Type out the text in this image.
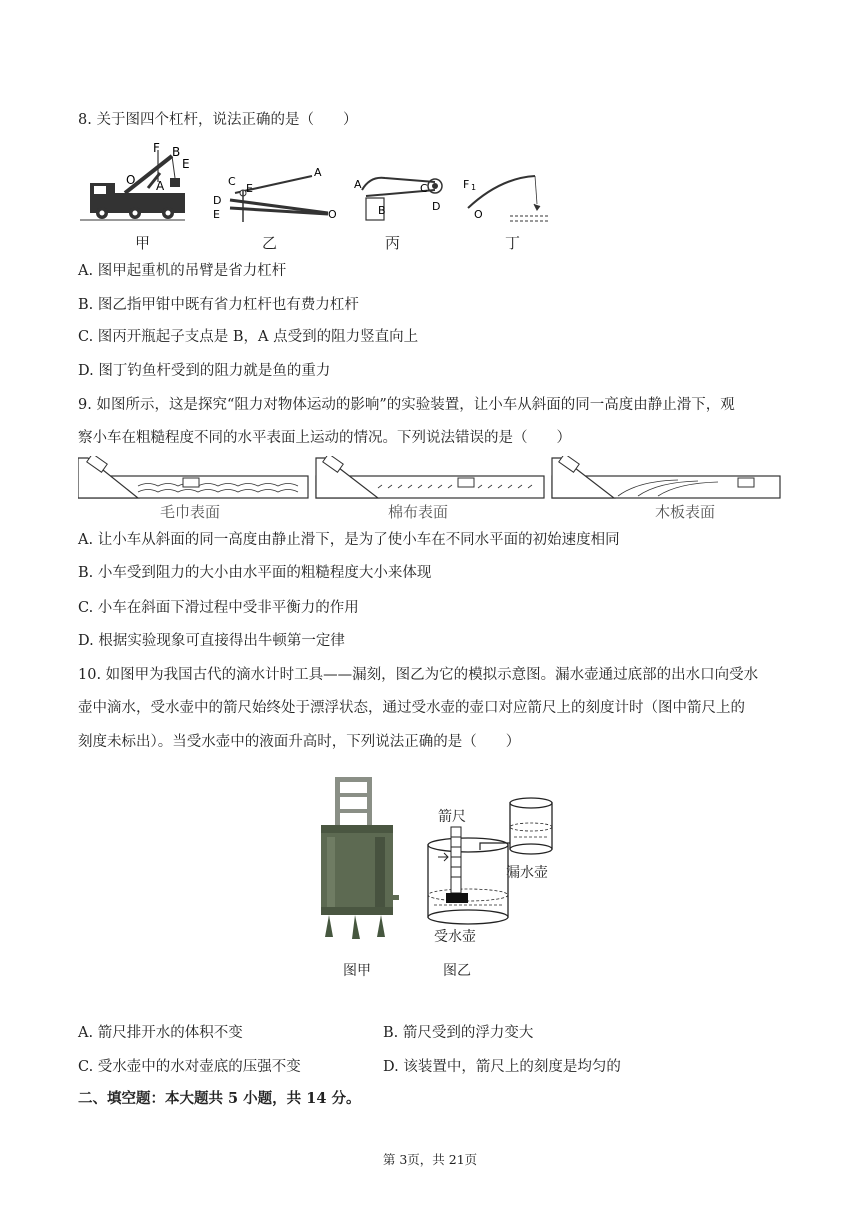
8. 关于图四个杠杆，说法正确的是（　　）
F B
E
O A	C
E
D
E
A
O
A	C
B	D
F 1
O
甲	乙	丙	丁
A. 图甲起重机的吊臂是省力杠杆
B. 图乙指甲钳中既有省力杠杆也有费力杠杆
C. 图丙开瓶起子支点是 B，A 点受到的阻力竖直向上
D. 图丁钓鱼杆受到的阻力就是鱼的重力
9. 如图所示，这是探究“阻力对物体运动的影响”的实验装置，让小车从斜面的同一高度由静止滑下，观
察小车在粗糙程度不同的水平表面上运动的情况。下列说法错误的是（　　）
毛巾表面	棉布表面	木板表面
A. 让小车从斜面的同一高度由静止滑下，是为了使小车在不同水平面的初始速度相同
B. 小车受到阻力的大小由水平面的粗糙程度大小来体现
C. 小车在斜面下滑过程中受非平衡力的作用
D. 根据实验现象可直接得出牛顿第一定律
10. 如图甲为我国古代的滴水计时工具——漏刻，图乙为它的模拟示意图。漏水壶通过底部的出水口向受水
壶中滴水，受水壶中的箭尺始终处于漂浮状态，通过受水壶的壶口对应箭尺上的刻度计时（图中箭尺上的
刻度未标出）。当受水壶中的液面升高时，下列说法正确的是（　　）
箭尺
漏水壶
受水壶
图甲	图乙
A. 箭尺排开水的体积不变	B. 箭尺受到的浮力变大
C. 受水壶中的水对壶底的压强不变	D. 该装置中，箭尺上的刻度是均匀的
二、填空题：本大题共 5 小题，共 14 分。
第 3页，共 21页
